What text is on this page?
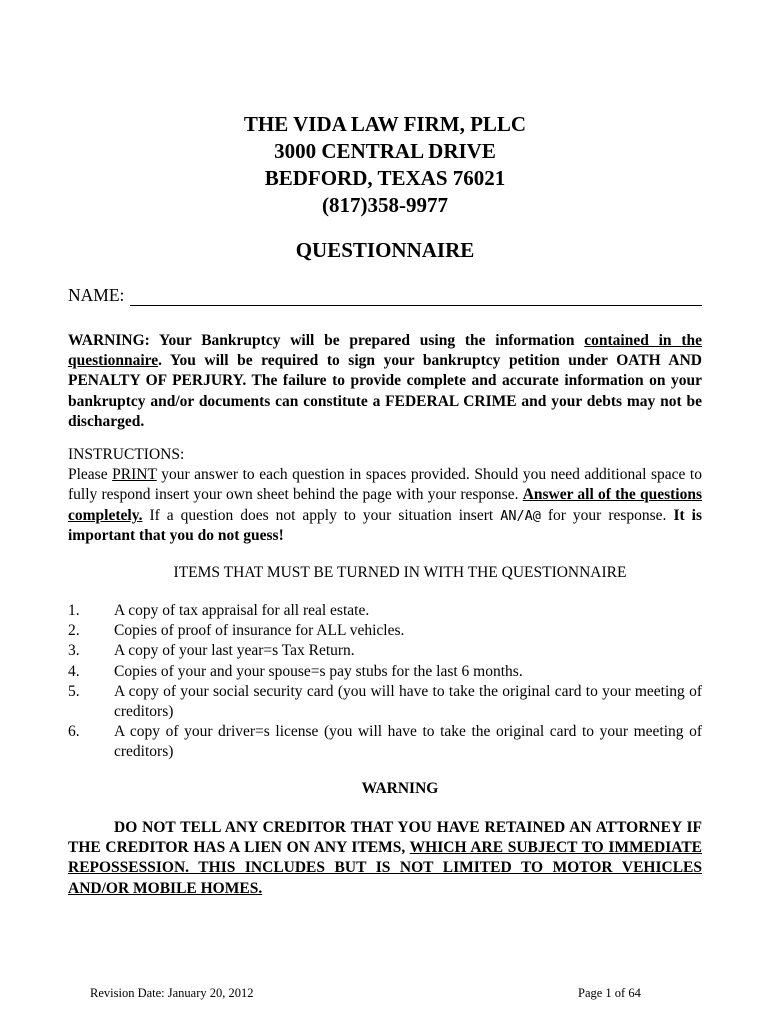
THE VIDA LAW FIRM, PLLC
3000 CENTRAL DRIVE
BEDFORD, TEXAS 76021
(817)358-9977
QUESTIONNAIRE
NAME:
WARNING: Your Bankruptcy will be prepared using the information contained in the questionnaire. You will be required to sign your bankruptcy petition under OATH AND PENALTY OF PERJURY. The failure to provide complete and accurate information on your bankruptcy and/or documents can constitute a FEDERAL CRIME and your debts may not be discharged.
INSTRUCTIONS:
Please PRINT your answer to each question in spaces provided. Should you need additional space to fully respond insert your own sheet behind the page with your response. Answer all of the questions completely. If a question does not apply to your situation insert AN/A@ for your response. It is important that you do not guess!
ITEMS THAT MUST BE TURNED IN WITH THE QUESTIONNAIRE
1.	A copy of tax appraisal for all real estate.
2.	Copies of proof of insurance for ALL vehicles.
3.	A copy of your last year=s Tax Return.
4.	Copies of your and your spouse=s pay stubs for the last 6 months.
5.	A copy of your social security card (you will have to take the original card to your meeting of creditors)
6.	A copy of your driver=s license (you will have to take the original card to your meeting of creditors)
WARNING
DO NOT TELL ANY CREDITOR THAT YOU HAVE RETAINED AN ATTORNEY IF THE CREDITOR HAS A LIEN ON ANY ITEMS, WHICH ARE SUBJECT TO IMMEDIATE REPOSSESSION. THIS INCLUDES BUT IS NOT LIMITED TO MOTOR VEHICLES AND/OR MOBILE HOMES.
Revision Date: January 20, 2012	Page 1 of 64
